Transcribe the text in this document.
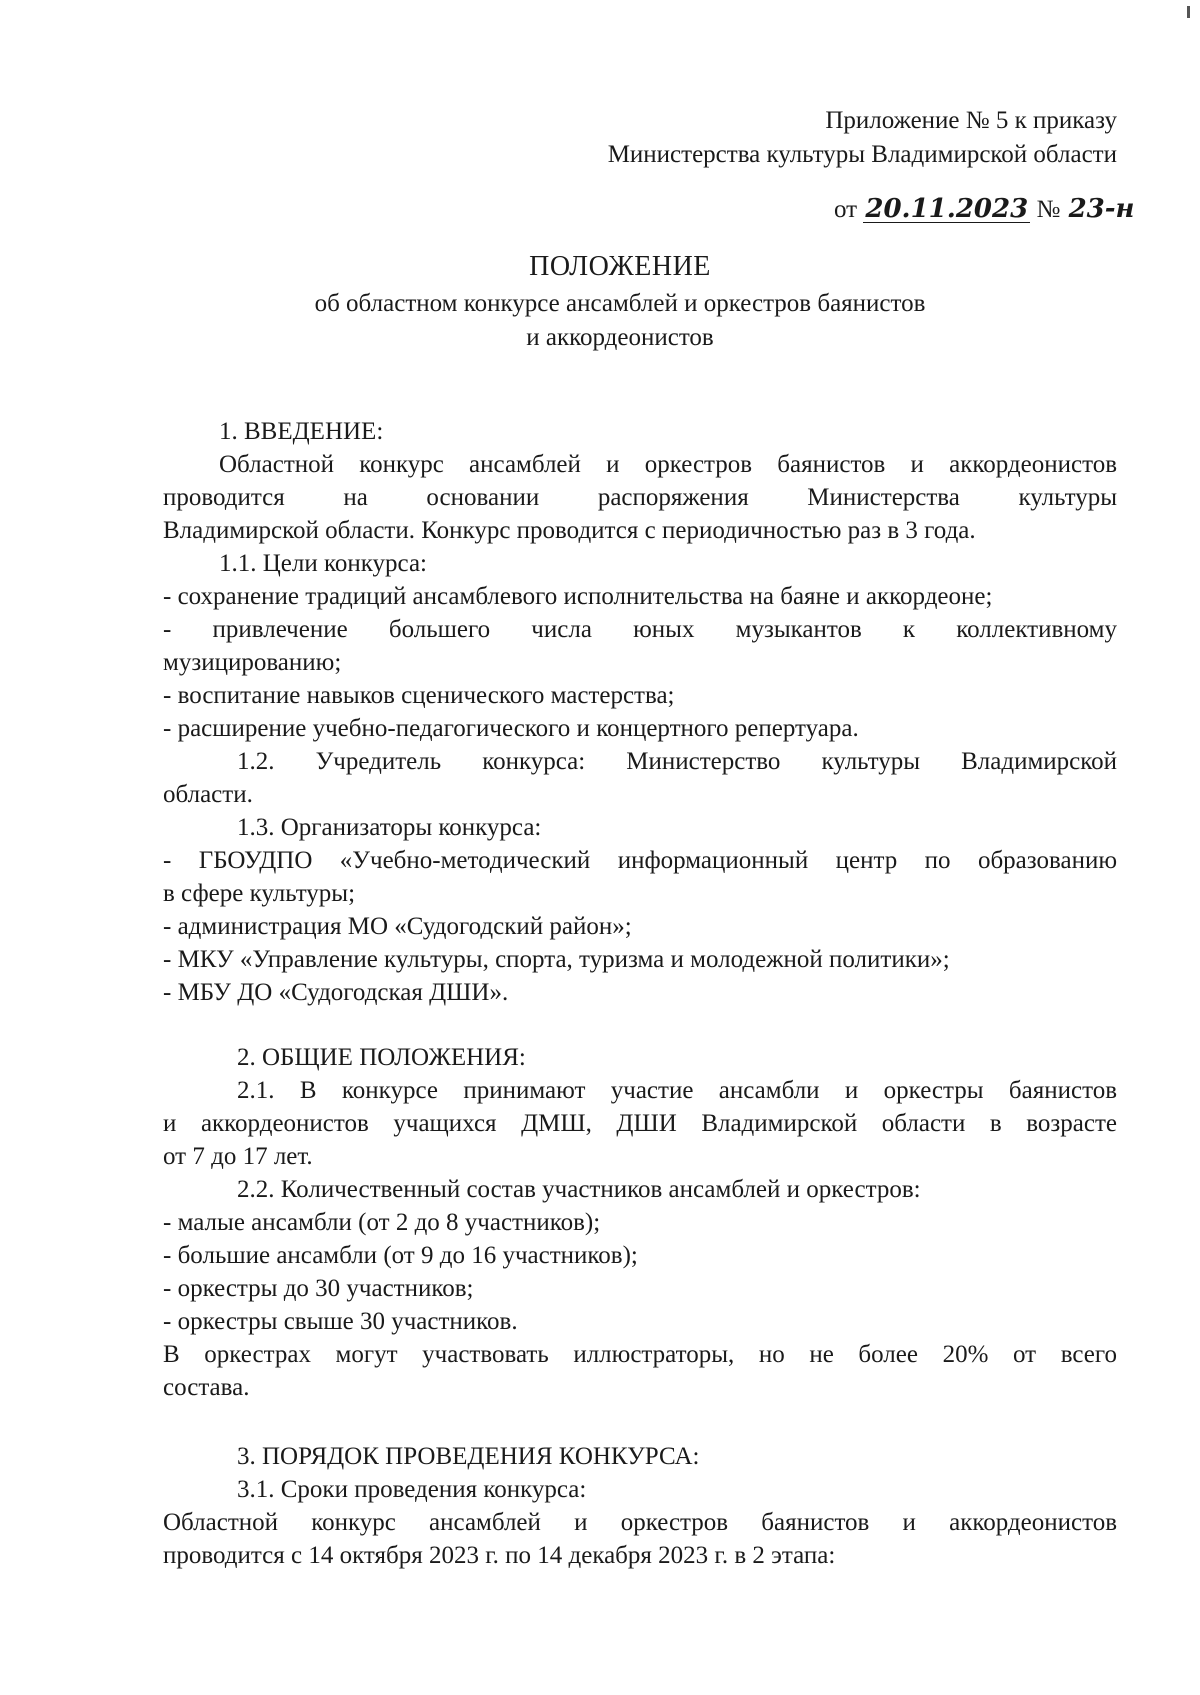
Приложение № 5 к приказу
Министерства культуры Владимирской области
от 20.11.2023 № 23-н
ПОЛОЖЕНИЕ
об областном конкурсе ансамблей и оркестров баянистов
и аккордеонистов

1. ВВЕДЕНИЕ:

Областной конкурс ансамблей и оркестров баянистов и аккордеонистов

проводится на основании распоряжения Министерства культуры

Владимирской области. Конкурс проводится с периодичностью раз в 3 года.

1.1. Цели конкурса:

- сохранение традиций ансамблевого исполнительства на баяне и аккордеоне;

- привлечение большего числа юных музыкантов к коллективному

музицированию;

- воспитание навыков сценического мастерства;

- расширение учебно-педагогического и концертного репертуара.

1.2. Учредитель конкурса: Министерство культуры Владимирской

области.

1.3. Организаторы конкурса:

- ГБОУДПО «Учебно-методический информационный центр по образованию

в сфере культуры;

- администрация МО «Судогодский район»;

- МКУ «Управление культуры, спорта, туризма и молодежной политики»;

- МБУ ДО «Судогодская ДШИ».

2. ОБЩИЕ ПОЛОЖЕНИЯ:

2.1. В конкурсе принимают участие ансамбли и оркестры баянистов

и аккордеонистов учащихся ДМШ, ДШИ Владимирской области в возрасте

от 7 до 17 лет.

2.2. Количественный состав участников ансамблей и оркестров:

- малые ансамбли (от 2 до 8 участников);

- большие ансамбли (от 9 до 16 участников);

- оркестры до 30 участников;

- оркестры свыше 30 участников.

В оркестрах могут участвовать иллюстраторы, но не более 20% от всего

состава.

3. ПОРЯДОК ПРОВЕДЕНИЯ КОНКУРСА:

3.1. Сроки проведения конкурса:

Областной конкурс ансамблей и оркестров баянистов и аккордеонистов

проводится с 14 октября 2023 г. по 14 декабря 2023 г. в 2 этапа:
